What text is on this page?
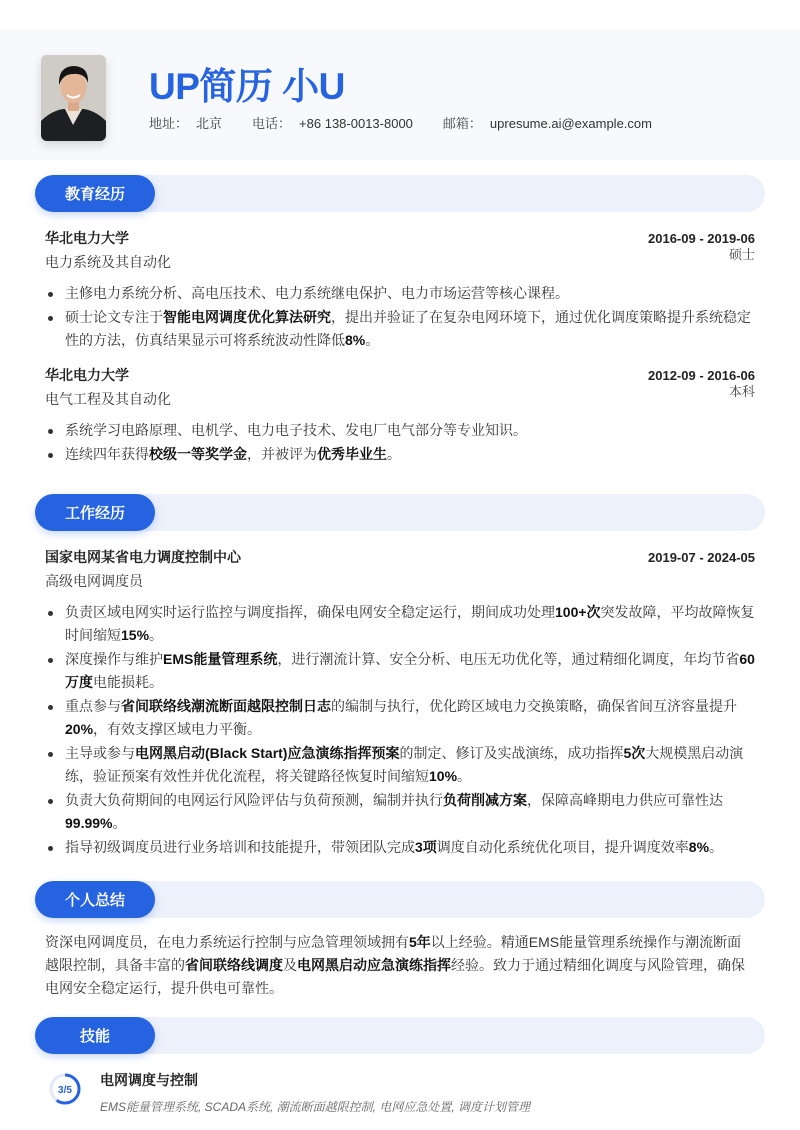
UP简历 小U
地址： 北京 电话： +86 138-0013-8000 邮箱： upresume.ai@example.com
教育经历
华北电力大学	2016-09 - 2019-06
电力系统及其自动化	硕士
主修电力系统分析、高电压技术、电力系统继电保护、电力市场运营等核心课程。
硕士论文专注于智能电网调度优化算法研究，提出并验证了在复杂电网环境下，通过优化调度策略提升系统稳定性的方法，仿真结果显示可将系统波动性降低8%。
华北电力大学	2012-09 - 2016-06
电气工程及其自动化	本科
系统学习电路原理、电机学、电力电子技术、发电厂电气部分等专业知识。
连续四年获得校级一等奖学金，并被评为优秀毕业生。
工作经历
国家电网某省电力调度控制中心	2019-07 - 2024-05
高级电网调度员
负责区域电网实时运行监控与调度指挥，确保电网安全稳定运行，期间成功处理100+次突发故障，平均故障恢复时间缩短15%。
深度操作与维护EMS能量管理系统，进行潮流计算、安全分析、电压无功优化等，通过精细化调度，年均节省60万度电能损耗。
重点参与省间联络线潮流断面越限控制日志的编制与执行，优化跨区域电力交换策略，确保省间互济容量提升20%，有效支撑区域电力平衡。
主导或参与电网黑启动(Black Start)应急演练指挥预案的制定、修订及实战演练，成功指挥5次大规模黑启动演练，验证预案有效性并优化流程，将关键路径恢复时间缩短10%。
负责大负荷期间的电网运行风险评估与负荷预测，编制并执行负荷削减方案，保障高峰期电力供应可靠性达99.99%。
指导初级调度员进行业务培训和技能提升，带领团队完成3项调度自动化系统优化项目，提升调度效率8%。
个人总结
资深电网调度员，在电力系统运行控制与应急管理领域拥有5年以上经验。精通EMS能量管理系统操作与潮流断面越限控制，具备丰富的省间联络线调度及电网黑启动应急演练指挥经验。致力于通过精细化调度与风险管理，确保电网安全稳定运行，提升供电可靠性。
技能
3/5
电网调度与控制
EMS能量管理系统, SCADA系统, 潮流断面越限控制, 电网应急处置, 调度计划管理
